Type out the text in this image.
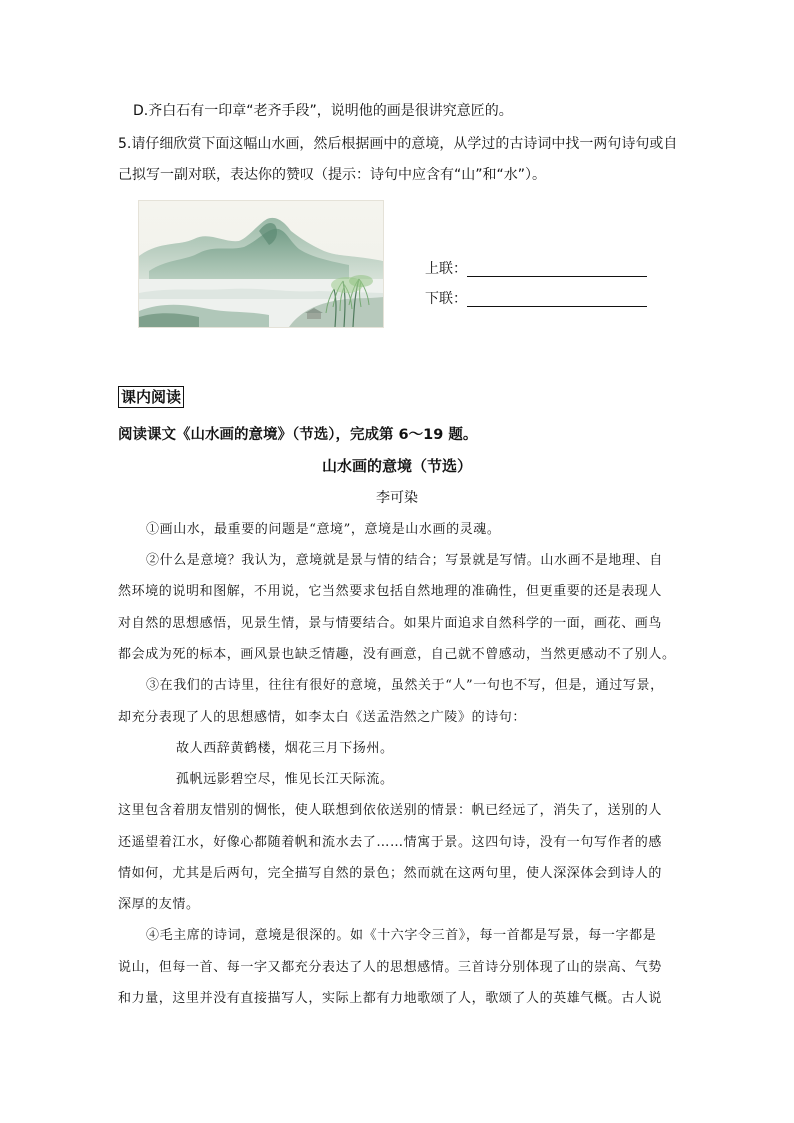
D.齐白石有一印章“老齐手段”，说明他的画是很讲究意匠的。
5.请仔细欣赏下面这幅山水画，然后根据画中的意境，从学过的古诗词中找一两句诗句或自
己拟写一副对联，表达你的赞叹（提示：诗句中应含有“山”和“水”）。
上联：
下联：
课内阅读
阅读课文《山水画的意境》（节选），完成第 6～19 题。
山水画的意境（节选）
李可染
①画山水，最重要的问题是“意境”，意境是山水画的灵魂。
②什么是意境？我认为，意境就是景与情的结合；写景就是写情。山水画不是地理、自
然环境的说明和图解，不用说，它当然要求包括自然地理的准确性，但更重要的还是表现人
对自然的思想感悟，见景生情，景与情要结合。如果片面追求自然科学的一面，画花、画鸟
都会成为死的标本，画风景也缺乏情趣，没有画意，自己就不曾感动，当然更感动不了别人。
③在我们的古诗里，往往有很好的意境，虽然关于“人”一句也不写，但是，通过写景，
却充分表现了人的思想感情，如李太白《送孟浩然之广陵》的诗句：
故人西辞黄鹤楼，烟花三月下扬州。
孤帆远影碧空尽，惟见长江天际流。
这里包含着朋友惜别的惆怅，使人联想到依依送别的情景：帆已经远了，消失了，送别的人
还遥望着江水，好像心都随着帆和流水去了……情寓于景。这四句诗，没有一句写作者的感
情如何，尤其是后两句，完全描写自然的景色；然而就在这两句里，使人深深体会到诗人的
深厚的友情。
④毛主席的诗词，意境是很深的。如《十六字令三首》，每一首都是写景，每一字都是
说山，但每一首、每一字又都充分表达了人的思想感情。三首诗分别体现了山的崇高、气势
和力量，这里并没有直接描写人，实际上都有力地歌颂了人，歌颂了人的英雄气概。古人说
